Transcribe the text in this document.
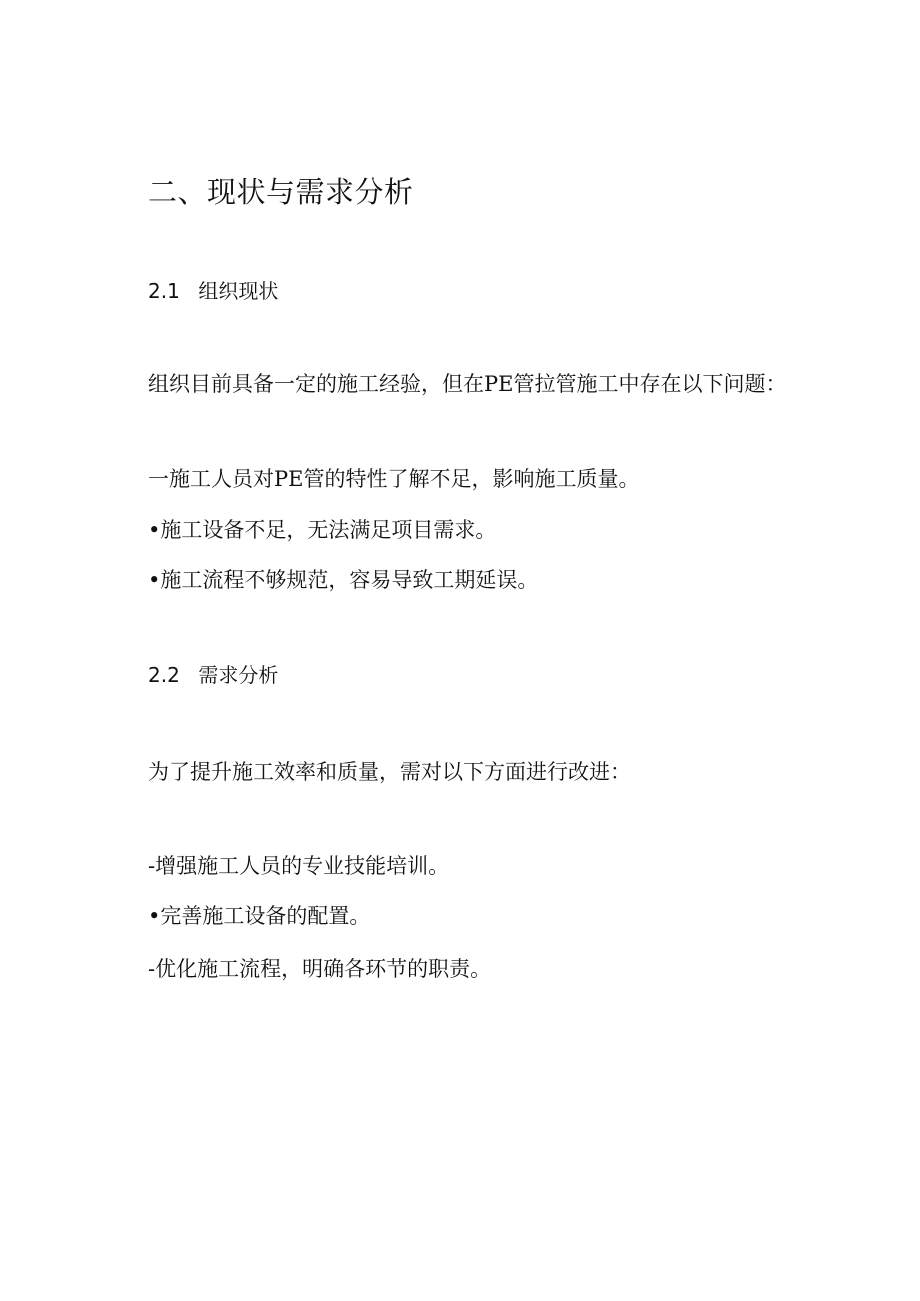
二、现状与需求分析
2.1 组织现状
组织目前具备一定的施工经验，但在PE管拉管施工中存在以下问题：
一施工人员对PE管的特性了解不足，影响施工质量。
•施工设备不足，无法满足项目需求。
•施工流程不够规范，容易导致工期延误。
2.2 需求分析
为了提升施工效率和质量，需对以下方面进行改进：
-增强施工人员的专业技能培训。
•完善施工设备的配置。
-优化施工流程，明确各环节的职责。
